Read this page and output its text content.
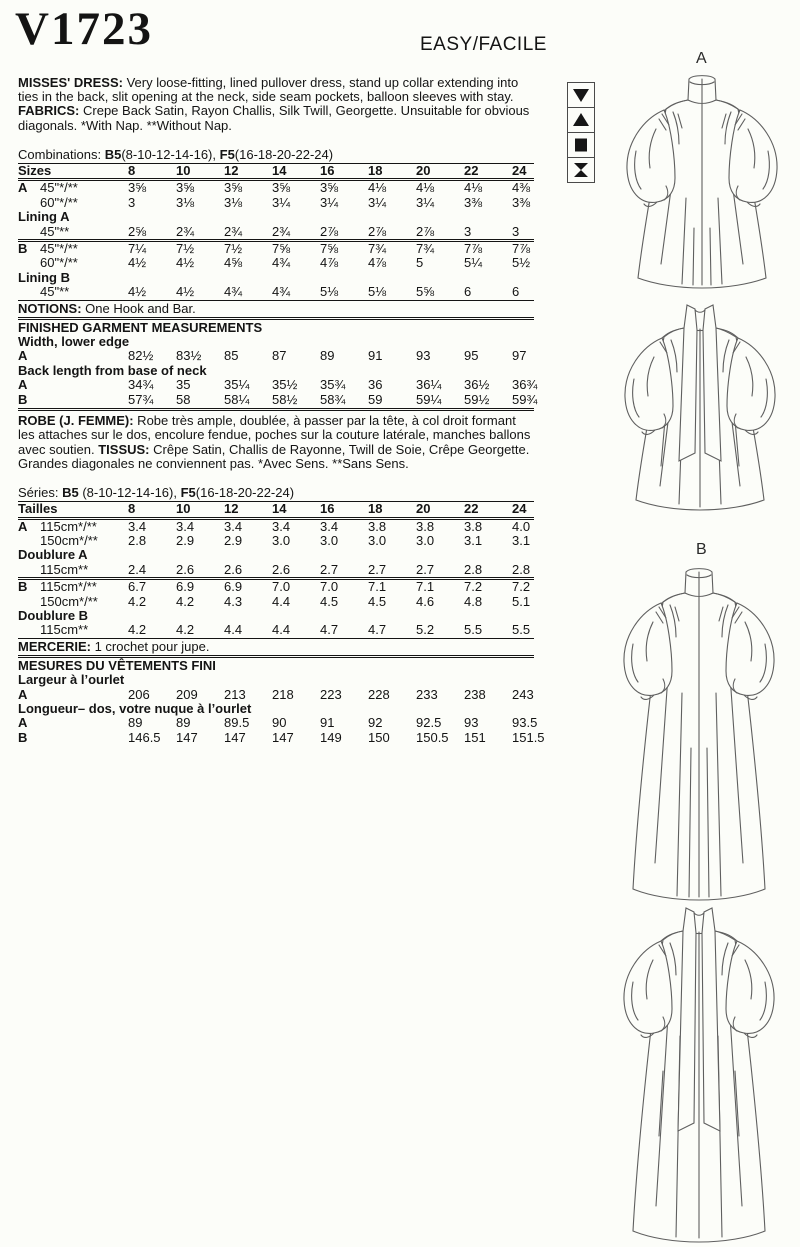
V1723	EASY/FACILE

MISSES' DRESS: Very loose-fitting, lined pullover dress, stand up collar extending into ties in the back, slit opening at the neck, side seam pockets, balloon sleeves with stay. FABRICS: Crepe Back Satin, Rayon Challis, Silk Twill, Georgette. Unsuitable for obvious diagonals. *With Nap. **Without Nap.

Combinations: B5(8-10-12-14-16), F5(16-18-20-22-24)
Sizes	8	10	12	14	16	18	20	22	24
A 45"*/**	3⅝	3⅝	3⅝	3⅝	3⅝	4⅛	4⅛	4⅛	4⅜
60"*/**	3	3⅛	3⅛	3¼	3¼	3¼	3¼	3⅜	3⅜
Lining A
45"**	2⅝	2¾	2¾	2¾	2⅞	2⅞	2⅞	3	3
B 45"*/**	7¼	7½	7½	7⅝	7⅝	7¾	7¾	7⅞	7⅞
60"*/**	4½	4½	4⅝	4¾	4⅞	4⅞	5	5¼	5½
Lining B
45"**	4½	4½	4¾	4¾	5⅛	5⅛	5⅝	6	6
NOTIONS: One Hook and Bar.
FINISHED GARMENT MEASUREMENTS
Width, lower edge
A	82½	83½	85	87	89	91	93	95	97
Back length from base of neck
A	34¾	35	35¼	35½	35¾	36	36¼	36½	36¾
B	57¾	58	58¼	58½	58¾	59	59¼	59½	59¾

ROBE (J. FEMME): Robe très ample, doublée, à passer par la tête, à col droit formant les attaches sur le dos, encolure fendue, poches sur la couture latérale, manches ballons avec soutien. TISSUS: Crêpe Satin, Challis de Rayonne, Twill de Soie, Crêpe Georgette. Grandes diagonales ne conviennent pas. *Avec Sens. **Sans Sens.

Séries: B5 (8-10-12-14-16), F5(16-18-20-22-24)
Tailles	8	10	12	14	16	18	20	22	24
A 115cm*/**	3.4	3.4	3.4	3.4	3.4	3.8	3.8	3.8	4.0
150cm*/**	2.8	2.9	2.9	3.0	3.0	3.0	3.0	3.1	3.1
Doublure A
115cm**	2.4	2.6	2.6	2.6	2.7	2.7	2.7	2.8	2.8
B 115cm*/**	6.7	6.9	6.9	7.0	7.0	7.1	7.1	7.2	7.2
150cm*/**	4.2	4.2	4.3	4.4	4.5	4.5	4.6	4.8	5.1
Doublure B
115cm**	4.2	4.2	4.4	4.4	4.7	4.7	5.2	5.5	5.5
MERCERIE: 1 crochet pour jupe.
MESURES DU VÊTEMENTS FINI
Largeur à l’ourlet
A	206	209	213	218	223	228	233	238	243
Longueur– dos, votre nuque à l’ourlet
A	89	89	89.5	90	91	92	92.5	93	93.5
B	146.5	147	147	147	149	150	150.5	151	151.5
A
B
